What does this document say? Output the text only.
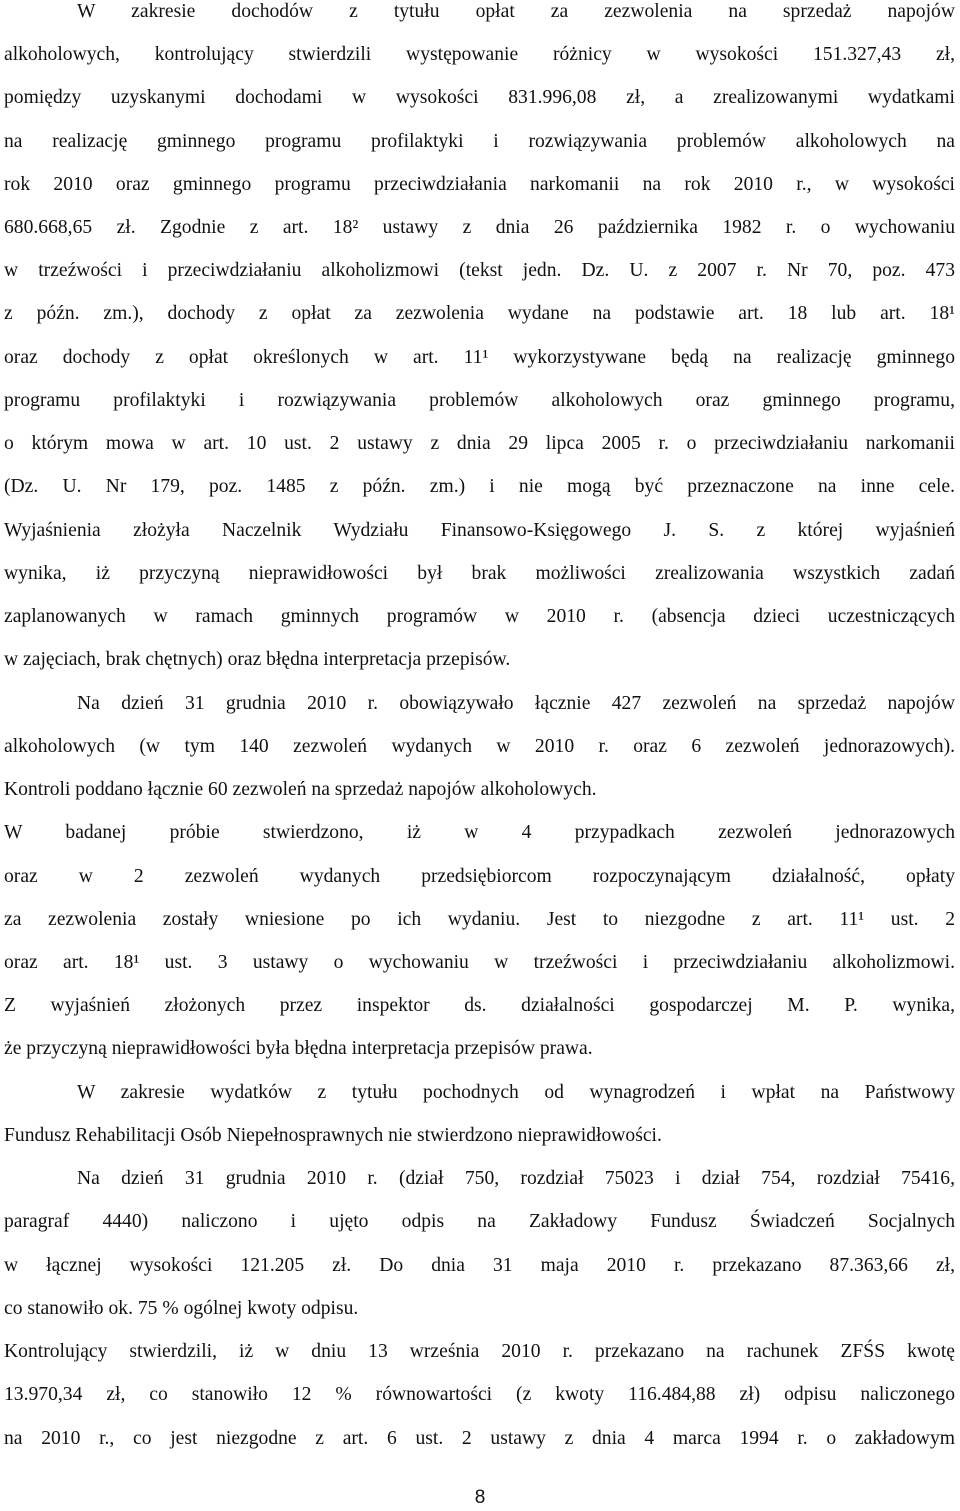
W zakresie dochodów z tytułu opłat za zezwolenia na sprzedaż napojów
alkoholowych, kontrolujący stwierdzili występowanie różnicy w wysokości 151.327,43 zł,
pomiędzy uzyskanymi dochodami w wysokości 831.996,08 zł, a zrealizowanymi wydatkami
na realizację gminnego programu profilaktyki i rozwiązywania problemów alkoholowych na
rok 2010 oraz gminnego programu przeciwdziałania narkomanii na rok 2010 r., w wysokości
680.668,65 zł. Zgodnie z art. 18² ustawy z dnia 26 października 1982 r. o wychowaniu
w trzeźwości i przeciwdziałaniu alkoholizmowi (tekst jedn. Dz. U. z 2007 r. Nr 70, poz. 473
z późn. zm.), dochody z opłat za zezwolenia wydane na podstawie art. 18 lub art. 18¹
oraz dochody z opłat określonych w art. 11¹ wykorzystywane będą na realizację gminnego
programu profilaktyki i rozwiązywania problemów alkoholowych oraz gminnego programu,
o którym mowa w art. 10 ust. 2 ustawy z dnia 29 lipca 2005 r. o przeciwdziałaniu narkomanii
(Dz. U. Nr 179, poz. 1485 z późn. zm.) i nie mogą być przeznaczone na inne cele.
Wyjaśnienia złożyła Naczelnik Wydziału Finansowo-Księgowego J. S. z której wyjaśnień
wynika, iż przyczyną nieprawidłowości był brak możliwości zrealizowania wszystkich zadań
zaplanowanych w ramach gminnych programów w 2010 r. (absencja dzieci uczestniczących
w zajęciach, brak chętnych) oraz błędna interpretacja przepisów.
Na dzień 31 grudnia 2010 r. obowiązywało łącznie 427 zezwoleń na sprzedaż napojów
alkoholowych (w tym 140 zezwoleń wydanych w 2010 r. oraz 6 zezwoleń jednorazowych).
Kontroli poddano łącznie 60 zezwoleń na sprzedaż napojów alkoholowych.
W badanej próbie stwierdzono, iż w 4 przypadkach zezwoleń jednorazowych
oraz w 2 zezwoleń wydanych przedsiębiorcom rozpoczynającym działalność, opłaty
za zezwolenia zostały wniesione po ich wydaniu. Jest to niezgodne z art. 11¹ ust. 2
oraz art. 18¹ ust. 3 ustawy o wychowaniu w trzeźwości i przeciwdziałaniu alkoholizmowi.
Z wyjaśnień złożonych przez inspektor ds. działalności gospodarczej M. P. wynika,
że przyczyną nieprawidłowości była błędna interpretacja przepisów prawa.
W zakresie wydatków z tytułu pochodnych od wynagrodzeń i wpłat na Państwowy
Fundusz Rehabilitacji Osób Niepełnosprawnych nie stwierdzono nieprawidłowości.
Na dzień 31 grudnia 2010 r. (dział 750, rozdział 75023 i dział 754, rozdział 75416,
paragraf 4440) naliczono i ujęto odpis na Zakładowy Fundusz Świadczeń Socjalnych
w łącznej wysokości 121.205 zł. Do dnia 31 maja 2010 r. przekazano 87.363,66 zł,
co stanowiło ok. 75 % ogólnej kwoty odpisu.
Kontrolujący stwierdzili, iż w dniu 13 września 2010 r. przekazano na rachunek ZFŚS kwotę
13.970,34 zł, co stanowiło 12 % równowartości (z kwoty 116.484,88 zł) odpisu naliczonego
na 2010 r., co jest niezgodne z art. 6 ust. 2 ustawy z dnia 4 marca 1994 r. o zakładowym
8
